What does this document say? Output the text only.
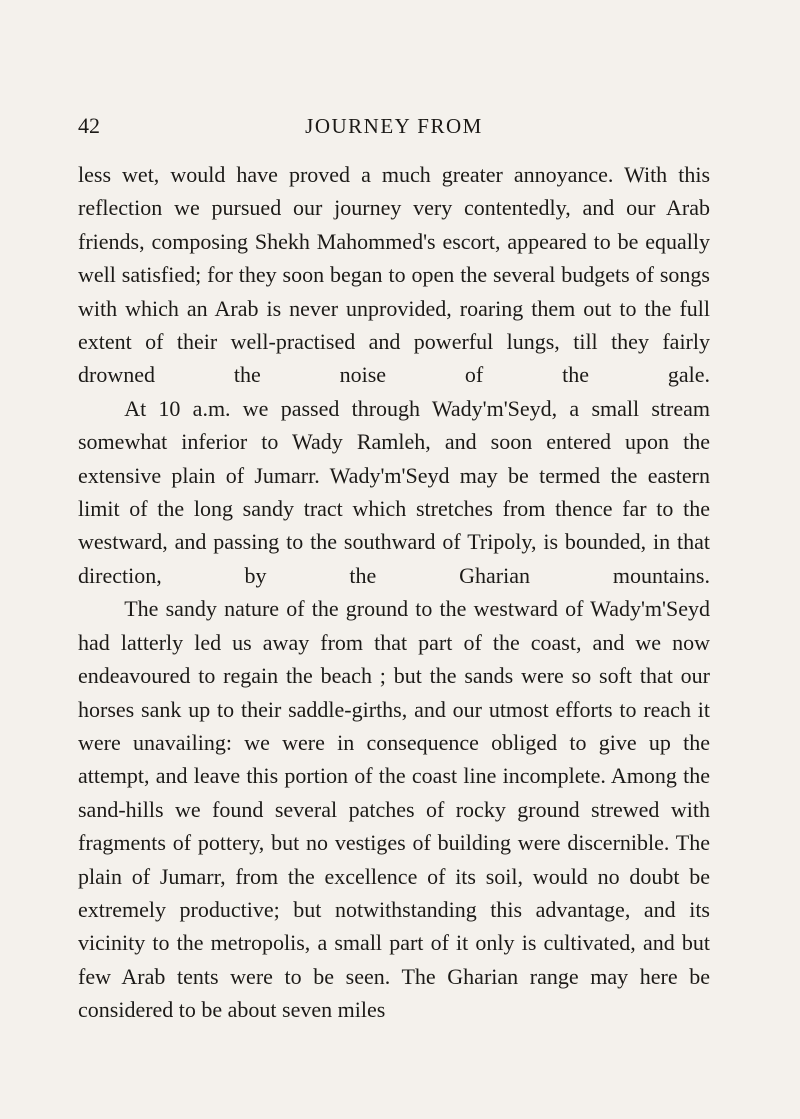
42	JOURNEY FROM

less wet, would have proved a much greater annoyance. With this reflection we pursued our journey very contentedly, and our Arab friends, composing Shekh Mahommed's escort, appeared to be equally well satisfied; for they soon began to open the several budgets of songs with which an Arab is never unprovided, roaring them out to the full extent of their well-practised and powerful lungs, till they fairly drowned the noise of the gale.

At 10 a.m. we passed through Wady'm'Seyd, a small stream somewhat inferior to Wady Ramleh, and soon entered upon the extensive plain of Jumarr. Wady'm'Seyd may be termed the eastern limit of the long sandy tract which stretches from thence far to the westward, and passing to the southward of Tripoly, is bounded, in that direction, by the Gharian mountains.

The sandy nature of the ground to the westward of Wady'm'Seyd had latterly led us away from that part of the coast, and we now endeavoured to regain the beach ; but the sands were so soft that our horses sank up to their saddle-girths, and our utmost efforts to reach it were unavailing: we were in consequence obliged to give up the attempt, and leave this portion of the coast line incomplete. Among the sand-hills we found several patches of rocky ground strewed with fragments of pottery, but no vestiges of building were discernible. The plain of Jumarr, from the excellence of its soil, would no doubt be extremely productive; but notwithstanding this advantage, and its vicinity to the metropolis, a small part of it only is cultivated, and but few Arab tents were to be seen. The Gharian range may here be considered to be about seven miles
